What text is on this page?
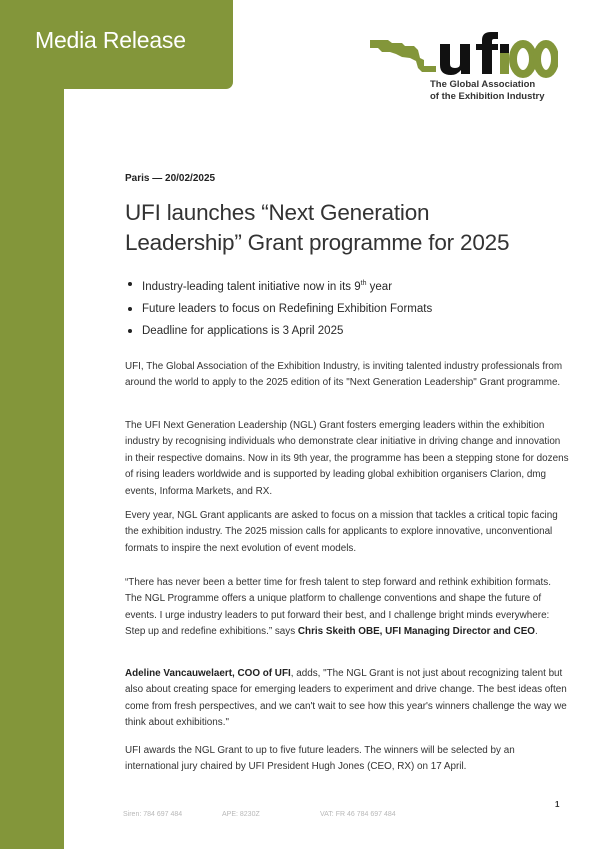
Media Release
The Global Association
of the Exhibition Industry
Paris — 20/02/2025
UFI launches “Next Generation
Leadership” Grant programme for 2025
Industry-leading talent initiative now in its 9th year
Future leaders to focus on Redefining Exhibition Formats
Deadline for applications is 3 April 2025

UFI, The Global Association of the Exhibition Industry, is inviting talented industry professionals from around the world to apply to the 2025 edition of its "Next Generation Leadership" Grant programme.

The UFI Next Generation Leadership (NGL) Grant fosters emerging leaders within the exhibition industry by recognising individuals who demonstrate clear initiative in driving change and innovation in their respective domains. Now in its 9th year, the programme has been a stepping stone for dozens of rising leaders worldwide and is supported by leading global exhibition organisers Clarion, dmg events, Informa Markets, and RX.

Every year, NGL Grant applicants are asked to focus on a mission that tackles a critical topic facing the exhibition industry. The 2025 mission calls for applicants to explore innovative, unconventional formats to inspire the next evolution of event models.

“There has never been a better time for fresh talent to step forward and rethink exhibition formats. The NGL Programme offers a unique platform to challenge conventions and shape the future of events. I urge industry leaders to put forward their best, and I challenge bright minds everywhere: Step up and redefine exhibitions.” says Chris Skeith OBE, UFI Managing Director and CEO.

Adeline Vancauwelaert, COO of UFI, adds, "The NGL Grant is not just about recognizing talent but also about creating space for emerging leaders to experiment and drive change. The best ideas often come from fresh perspectives, and we can't wait to see how this year's winners challenge the way we think about exhibitions."

UFI awards the NGL Grant to up to five future leaders. The winners will be selected by an international jury chaired by UFI President Hugh Jones (CEO, RX) on 17 April.

1
Siren: 784 697 484	APE: 8230Z	VAT: FR 46 784 697 484
